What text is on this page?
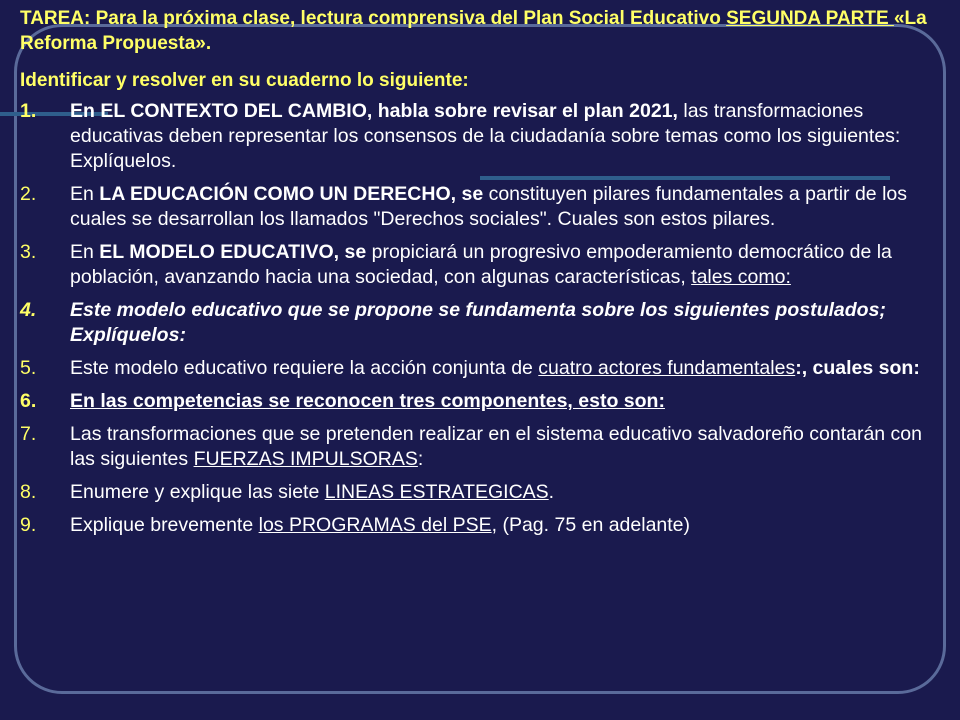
TAREA: Para la próxima clase, lectura comprensiva del Plan Social Educativo SEGUNDA PARTE «La Reforma Propuesta».

Identificar y resolver en su cuaderno lo siguiente:
1. En EL CONTEXTO DEL CAMBIO, habla sobre revisar el plan 2021, las transformaciones educativas deben representar los consensos de la ciudadanía sobre temas como los siguientes: Explíquelos.
2. En LA EDUCACIÓN COMO UN DERECHO, se constituyen pilares fundamentales a partir de los cuales se desarrollan los llamados "Derechos sociales". Cuales son estos pilares.
3. En EL MODELO EDUCATIVO, se propiciará un progresivo empoderamiento democrático de la población, avanzando hacia una sociedad, con algunas características, tales como:
4. Este modelo educativo que se propone se fundamenta sobre los siguientes postulados; Explíquelos:
5. Este modelo educativo requiere la acción conjunta de cuatro actores fundamentales:, cuales son:
6. En las competencias se reconocen tres componentes, esto son:
7. Las transformaciones que se pretenden realizar en el sistema educativo salvadoreño contarán con las siguientes FUERZAS IMPULSORAS:
8. Enumere y explique las siete LINEAS ESTRATEGICAS.
9. Explique brevemente los PROGRAMAS del PSE, (Pag. 75 en adelante)
